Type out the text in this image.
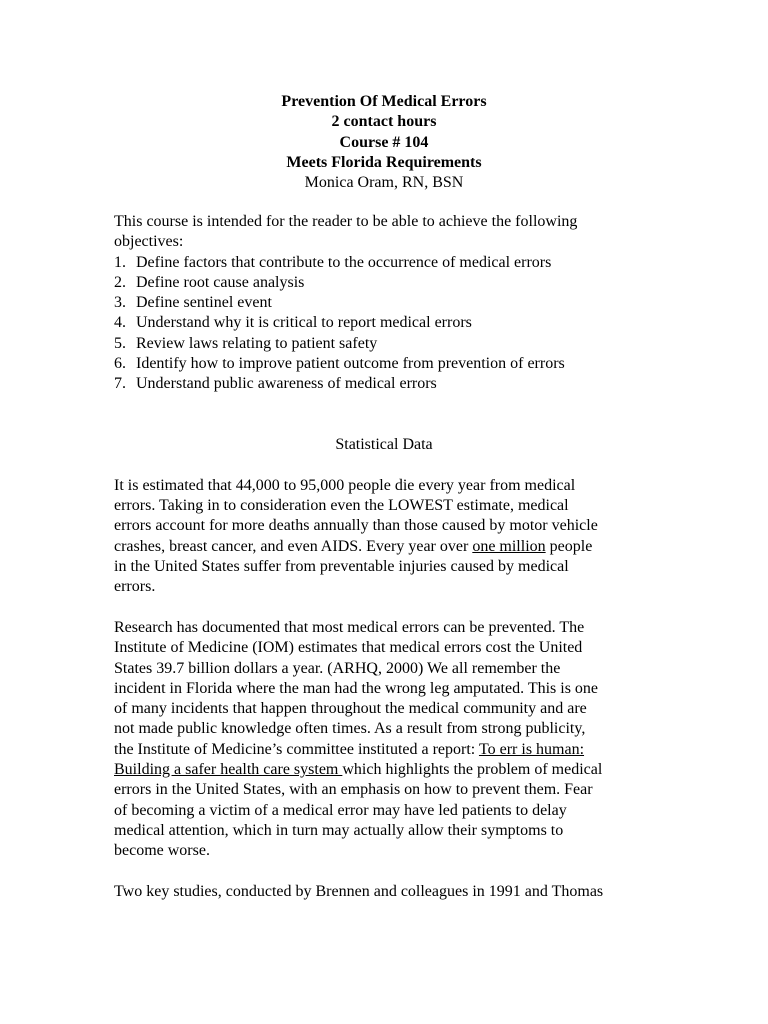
Prevention Of Medical Errors
2 contact hours
Course # 104
Meets Florida Requirements
Monica Oram, RN, BSN
This course is intended for the reader to be able to achieve the following
objectives:
1. Define factors that contribute to the occurrence of medical errors
2. Define root cause analysis
3. Define sentinel event
4. Understand why it is critical to report medical errors
5. Review laws relating to patient safety
6. Identify how to improve patient outcome from prevention of errors
7. Understand public awareness of medical errors
Statistical Data
It is estimated that 44,000 to 95,000 people die every year from medical
errors. Taking in to consideration even the LOWEST estimate, medical
errors account for more deaths annually than those caused by motor vehicle
crashes, breast cancer, and even AIDS. Every year over one million people
in the United States suffer from preventable injuries caused by medical
errors.
Research has documented that most medical errors can be prevented. The
Institute of Medicine (IOM) estimates that medical errors cost the United
States 39.7 billion dollars a year. (ARHQ, 2000) We all remember the
incident in Florida where the man had the wrong leg amputated. This is one
of many incidents that happen throughout the medical community and are
not made public knowledge often times. As a result from strong publicity,
the Institute of Medicine’s committee instituted a report: To err is human:
Building a safer health care system which highlights the problem of medical
errors in the United States, with an emphasis on how to prevent them. Fear
of becoming a victim of a medical error may have led patients to delay
medical attention, which in turn may actually allow their symptoms to
become worse.
Two key studies, conducted by Brennen and colleagues in 1991 and Thomas
